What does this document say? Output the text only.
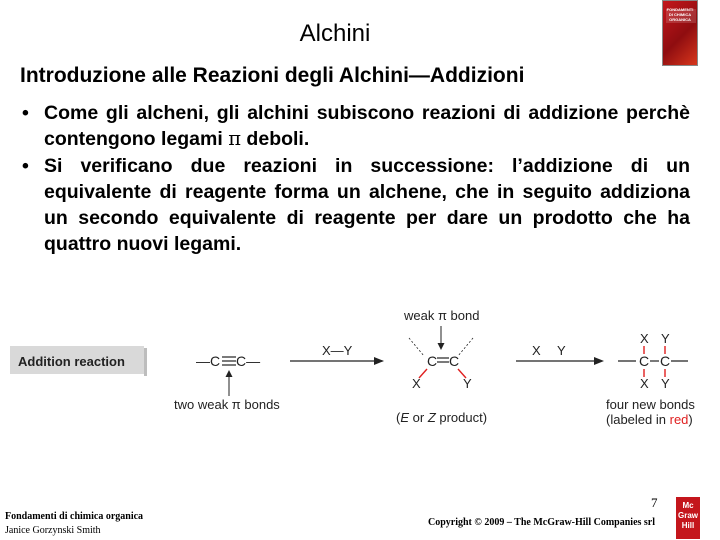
Alchini
FONDAMENTI DI CHIMICA ORGANICA
Introduzione alle Reazioni degli Alchini—Addizioni
• Come gli alcheni, gli alchini subiscono reazioni di addizione perchè contengono legami π deboli.
• Si verificano due reazioni in successione: l’addizione di un equivalente di reagente forma un alchene, che in seguito addiziona un secondo equivalente di reagente per dare un prodotto che ha quattro nuovi legami.
Addition reaction	—C C—
two weak π bonds
X—Y
weak π bond
C C
X	Y
(E or Z product)
X Y
X Y
C C
X Y
four new bonds
(labeled in red)
Fondamenti di chimica organica
Janice Gorzynski Smith
7
Copyright © 2009 – The McGraw-Hill Companies srl
Mc
Graw
Hill
